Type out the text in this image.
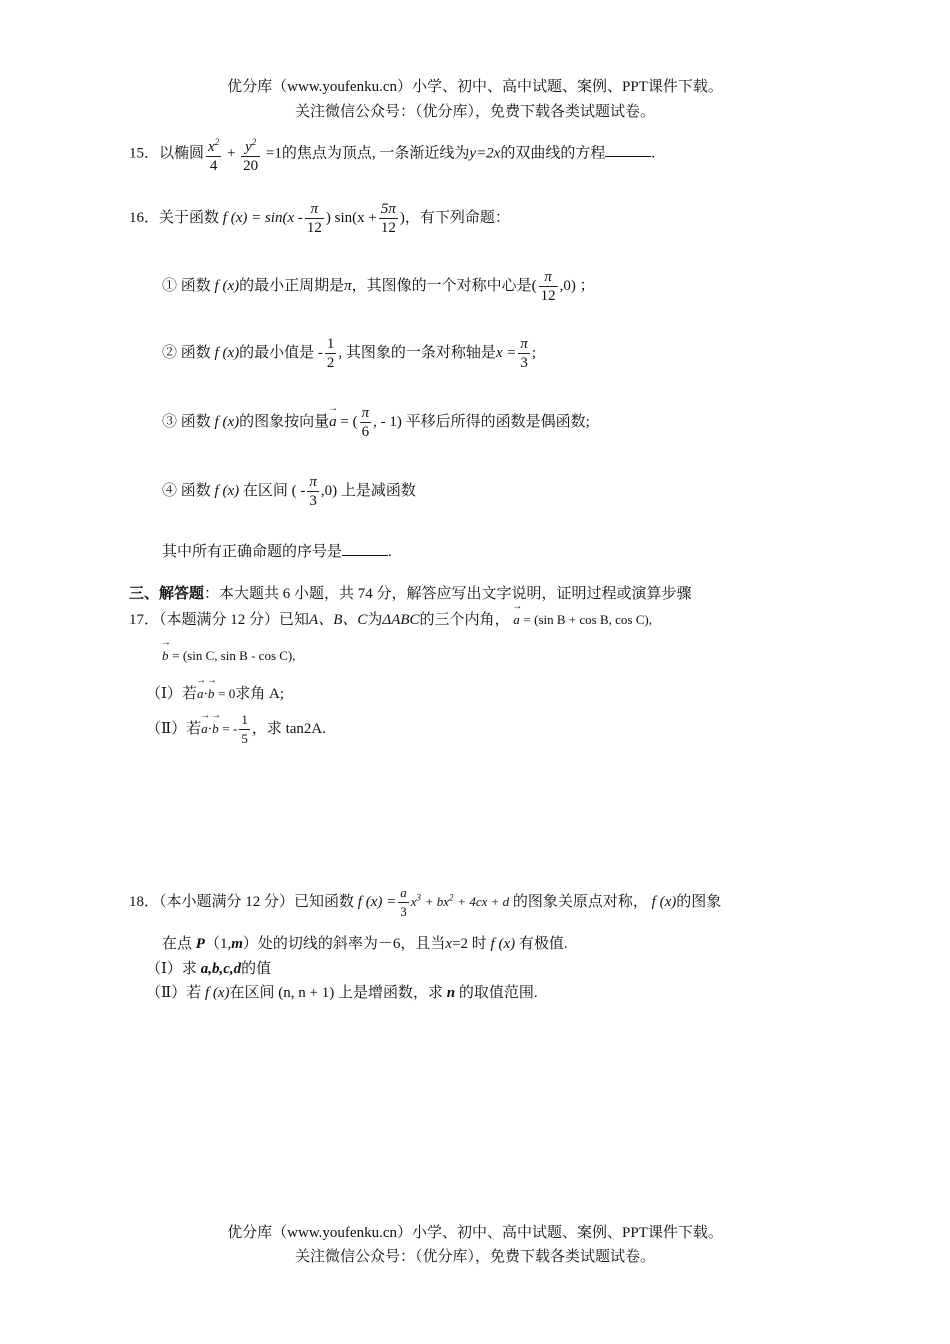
优分库（www.youfenku.cn）小学、初中、高中试题、案例、PPT课件下载。
关注微信公众号：（优分库），免费下载各类试题试卷。
15．以椭圆 $\frac{x^2}{4} + \frac{y^2}{20} =1$的焦点为顶点, 一条渐近线为y=2x的双曲线的方程	.
16．关于函数 f $(x) = \sin(x - \frac{\pi}{12}$ ) $\sin(x + \frac{5\pi}{12}$ )，有下列命题：
① 函数 f (x)的最小正周期是π，其图像的一个对称中心是( $\frac{\pi}{12} ,0$) ；
② 函数 f (x)的最小值是 - $\frac{1}{2}$ , 其图象的一条对称轴是$x = \frac{\pi}{3}$ ;
③ 函数 f (x)的图象按向量→ a = ( $\frac{\pi}{6}$ , - 1) 平移后所得的函数是偶函数;
④ 函数 f (x) 在区间 ( - $\frac{\pi}{3} ,0$) 上是减函数
其中所有正确命题的序号是	.
三、解答题：本大题共 6 小题，共 74 分，解答应写出文字说明，证明过程或演算步骤
17．（本题满分 12 分）已知A、B、C为ΔABC的三个内角， → a = (sin B + cos B, cos C),
→ b = (sin C, sin B - cos C),
（Ⅰ）若→ a⋅→ b = 0求角 A;
（Ⅱ）若→ a⋅→ b = - $\frac{1}{5}$ ，求 tan2A.
18．（本小题满分 12 分）已知函数 f $(x) = \frac{a}{3} x^3 + bx^2 + 4cx + d$ 的图象关原点对称， f (x)的图象
在点 P（1,m）处的切线的斜率为－6，且当x=2 时 f (x) 有极值.
（Ⅰ）求 a,b,c,d的值
（Ⅱ）若 f (x)在区间 (n, n + 1) 上是增函数，求 n 的取值范围.
优分库（www.youfenku.cn）小学、初中、高中试题、案例、PPT课件下载。
关注微信公众号：（优分库），免费下载各类试题试卷。
